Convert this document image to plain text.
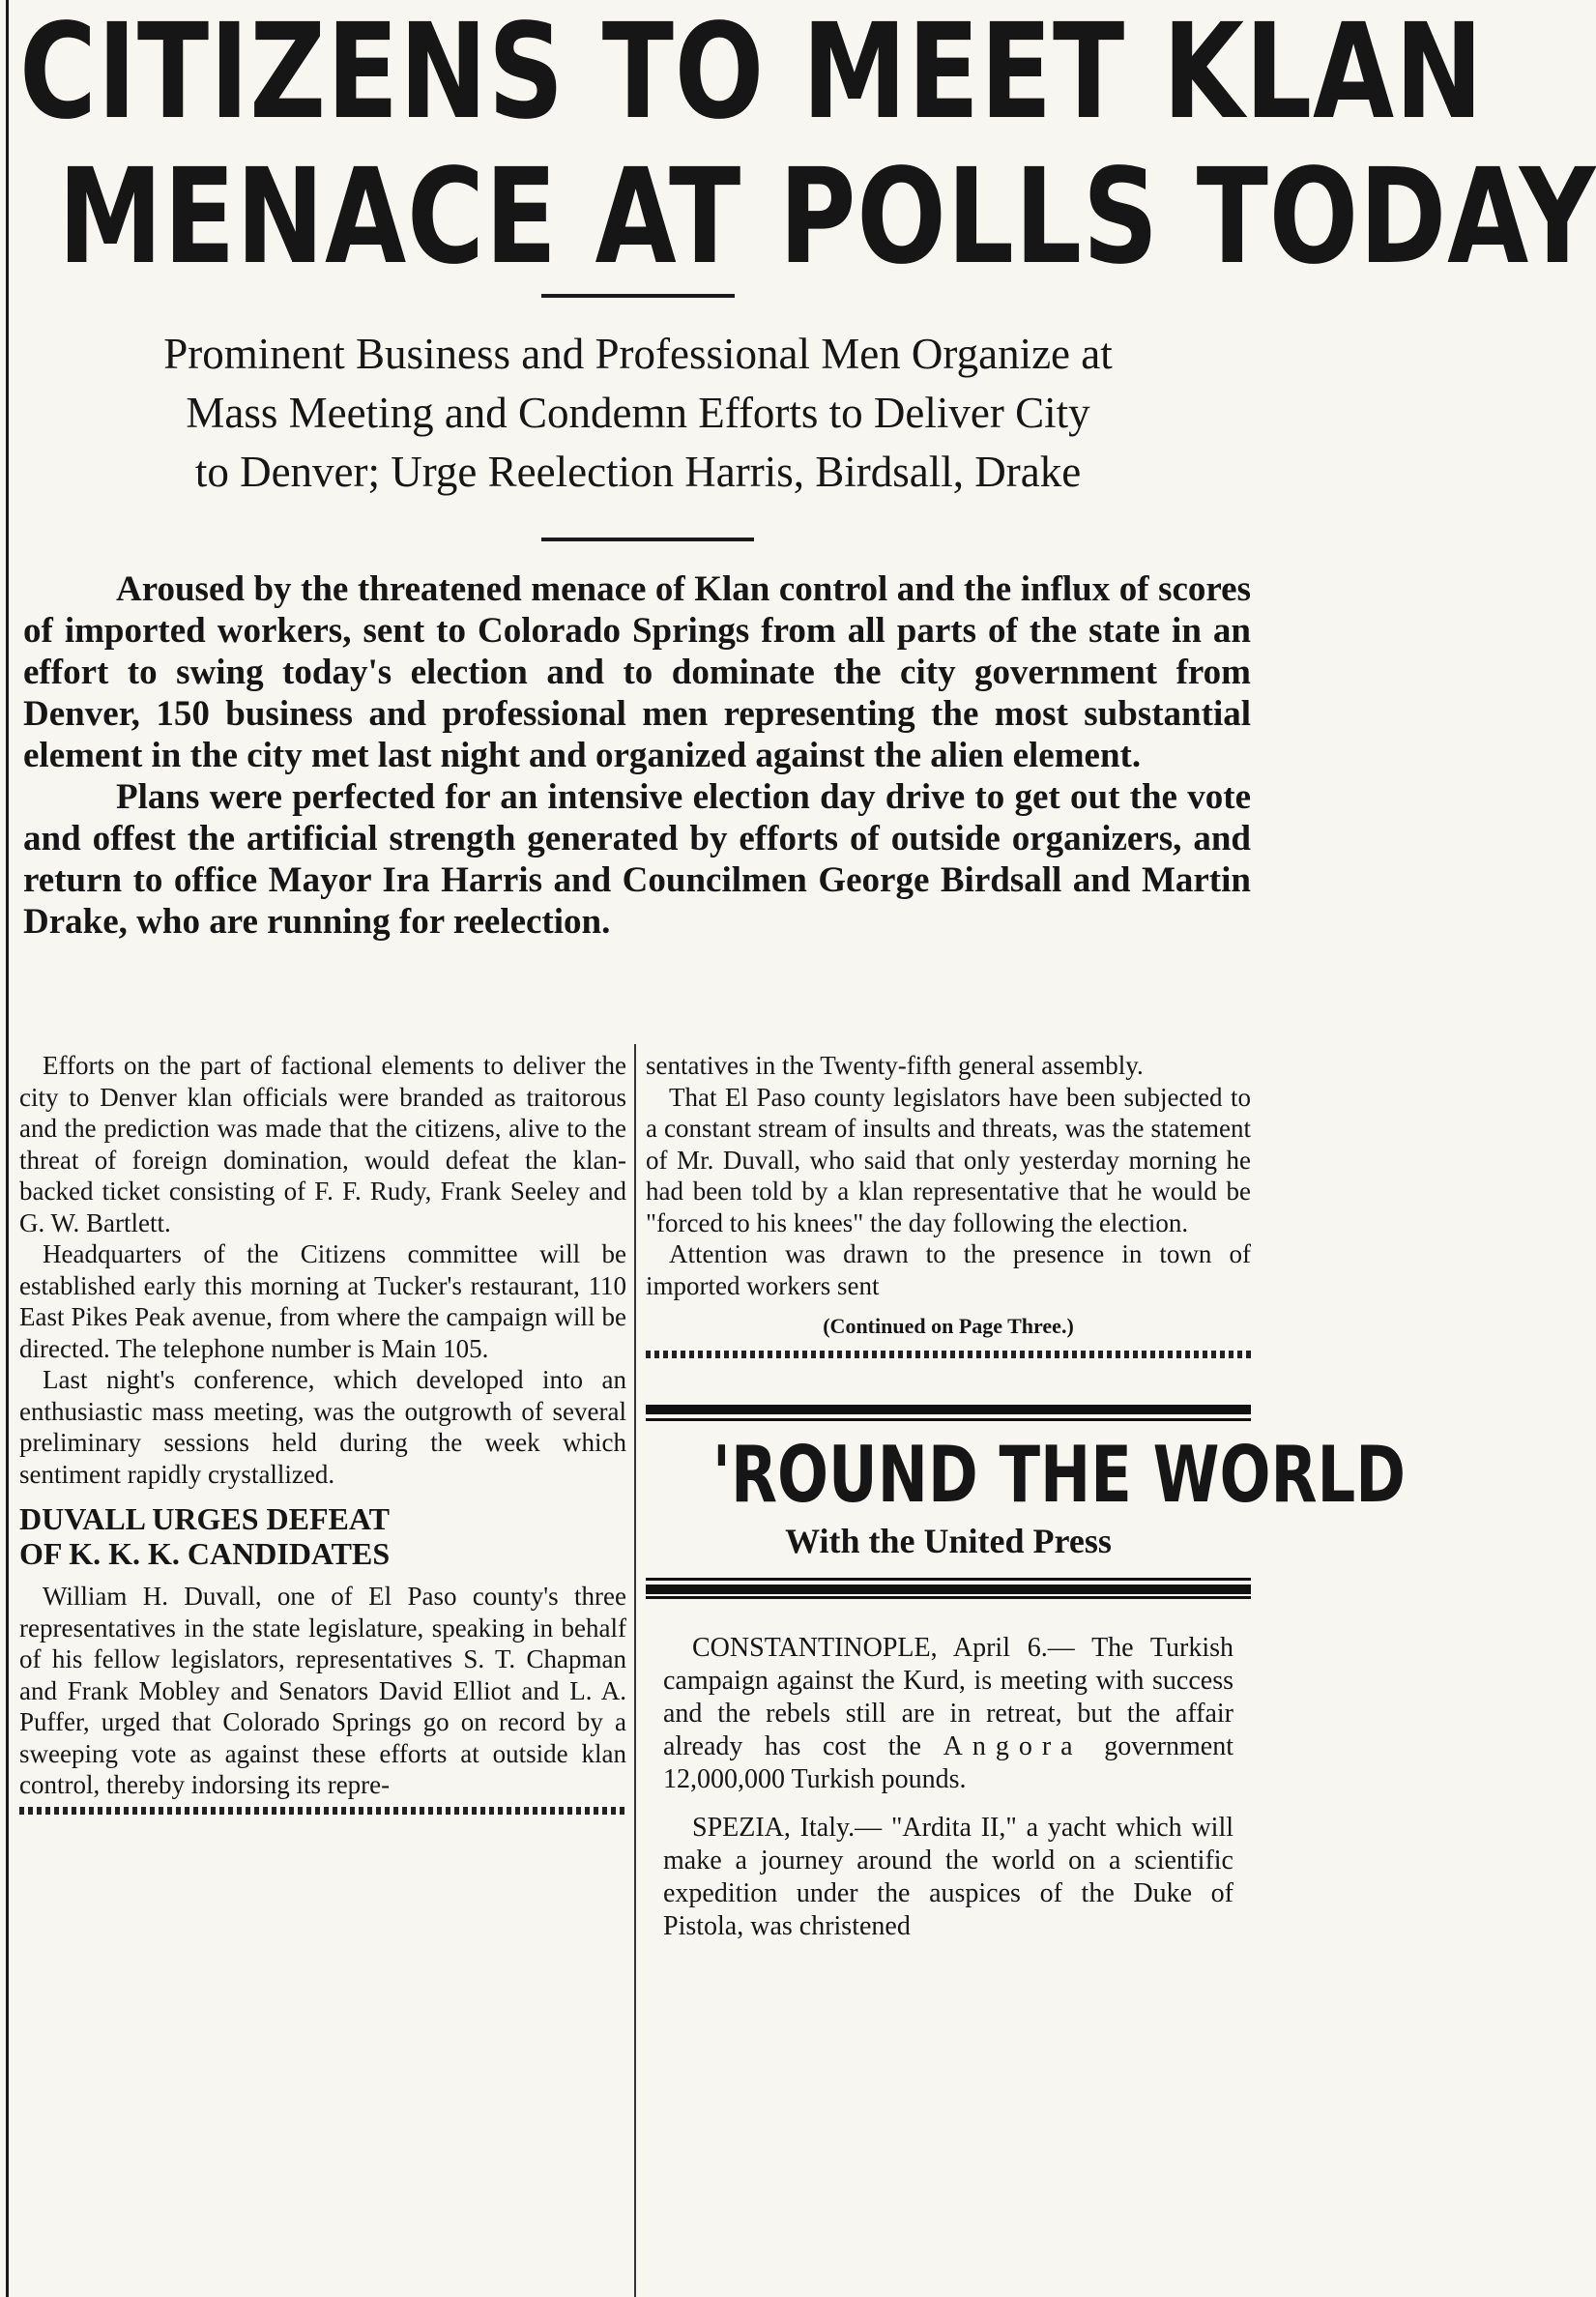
CITIZENS TO MEET KLAN
MENACE AT POLLS TODAY
Prominent Business and Professional Men Organize at
Mass Meeting and Condemn Efforts to Deliver City
to Denver; Urge Reelection Harris, Birdsall, Drake

Aroused by the threatened menace of Klan control and the influx of scores of imported workers, sent to Colorado Springs from all parts of the state in an effort to swing today's election and to dominate the city government from Denver, 150 business and professional men representing the most substantial element in the city met last night and organized against the alien element.

Plans were perfected for an intensive election day drive to get out the vote and offest the artificial strength generated by efforts of outside organizers, and return to office Mayor Ira Harris and Councilmen George Birdsall and Martin Drake, who are running for reelection.

Efforts on the part of factional elements to deliver the city to Denver klan officials were branded as traitorous and the prediction was made that the citizens, alive to the threat of foreign domination, would defeat the klan-backed ticket consisting of F. F. Rudy, Frank Seeley and G. W. Bartlett.

Headquarters of the Citizens committee will be established early this morning at Tucker's restaurant, 110 East Pikes Peak avenue, from where the campaign will be directed. The telephone number is Main 105.

Last night's conference, which developed into an enthusiastic mass meeting, was the outgrowth of several preliminary sessions held during the week which sentiment rapidly crystallized.

DUVALL URGES DEFEAT
OF K. K. K. CANDIDATES

William H. Duvall, one of El Paso county's three representatives in the state legislature, speaking in behalf of his fellow legislators, representatives S. T. Chapman and Frank Mobley and Senators David Elliot and L. A. Puffer, urged that Colorado Springs go on record by a sweeping vote as against these efforts at outside klan control, thereby indorsing its repre-

sentatives in the Twenty-fifth general assembly.

That El Paso county legislators have been subjected to a constant stream of insults and threats, was the statement of Mr. Duvall, who said that only yesterday morning he had been told by a klan representative that he would be "forced to his knees" the day following the election.

Attention was drawn to the presence in town of imported workers sent

(Continued on Page Three.)
'ROUND THE WORLD
With the United Press

CONSTANTINOPLE, April 6.— The Turkish campaign against the Kurd, is meeting with success and the rebels still are in retreat, but the affair already has cost the Angora government 12,000,000 Turkish pounds.

SPEZIA, Italy.— "Ardita II," a yacht which will make a journey around the world on a scientific expedition under the auspices of the Duke of Pistola, was christened
